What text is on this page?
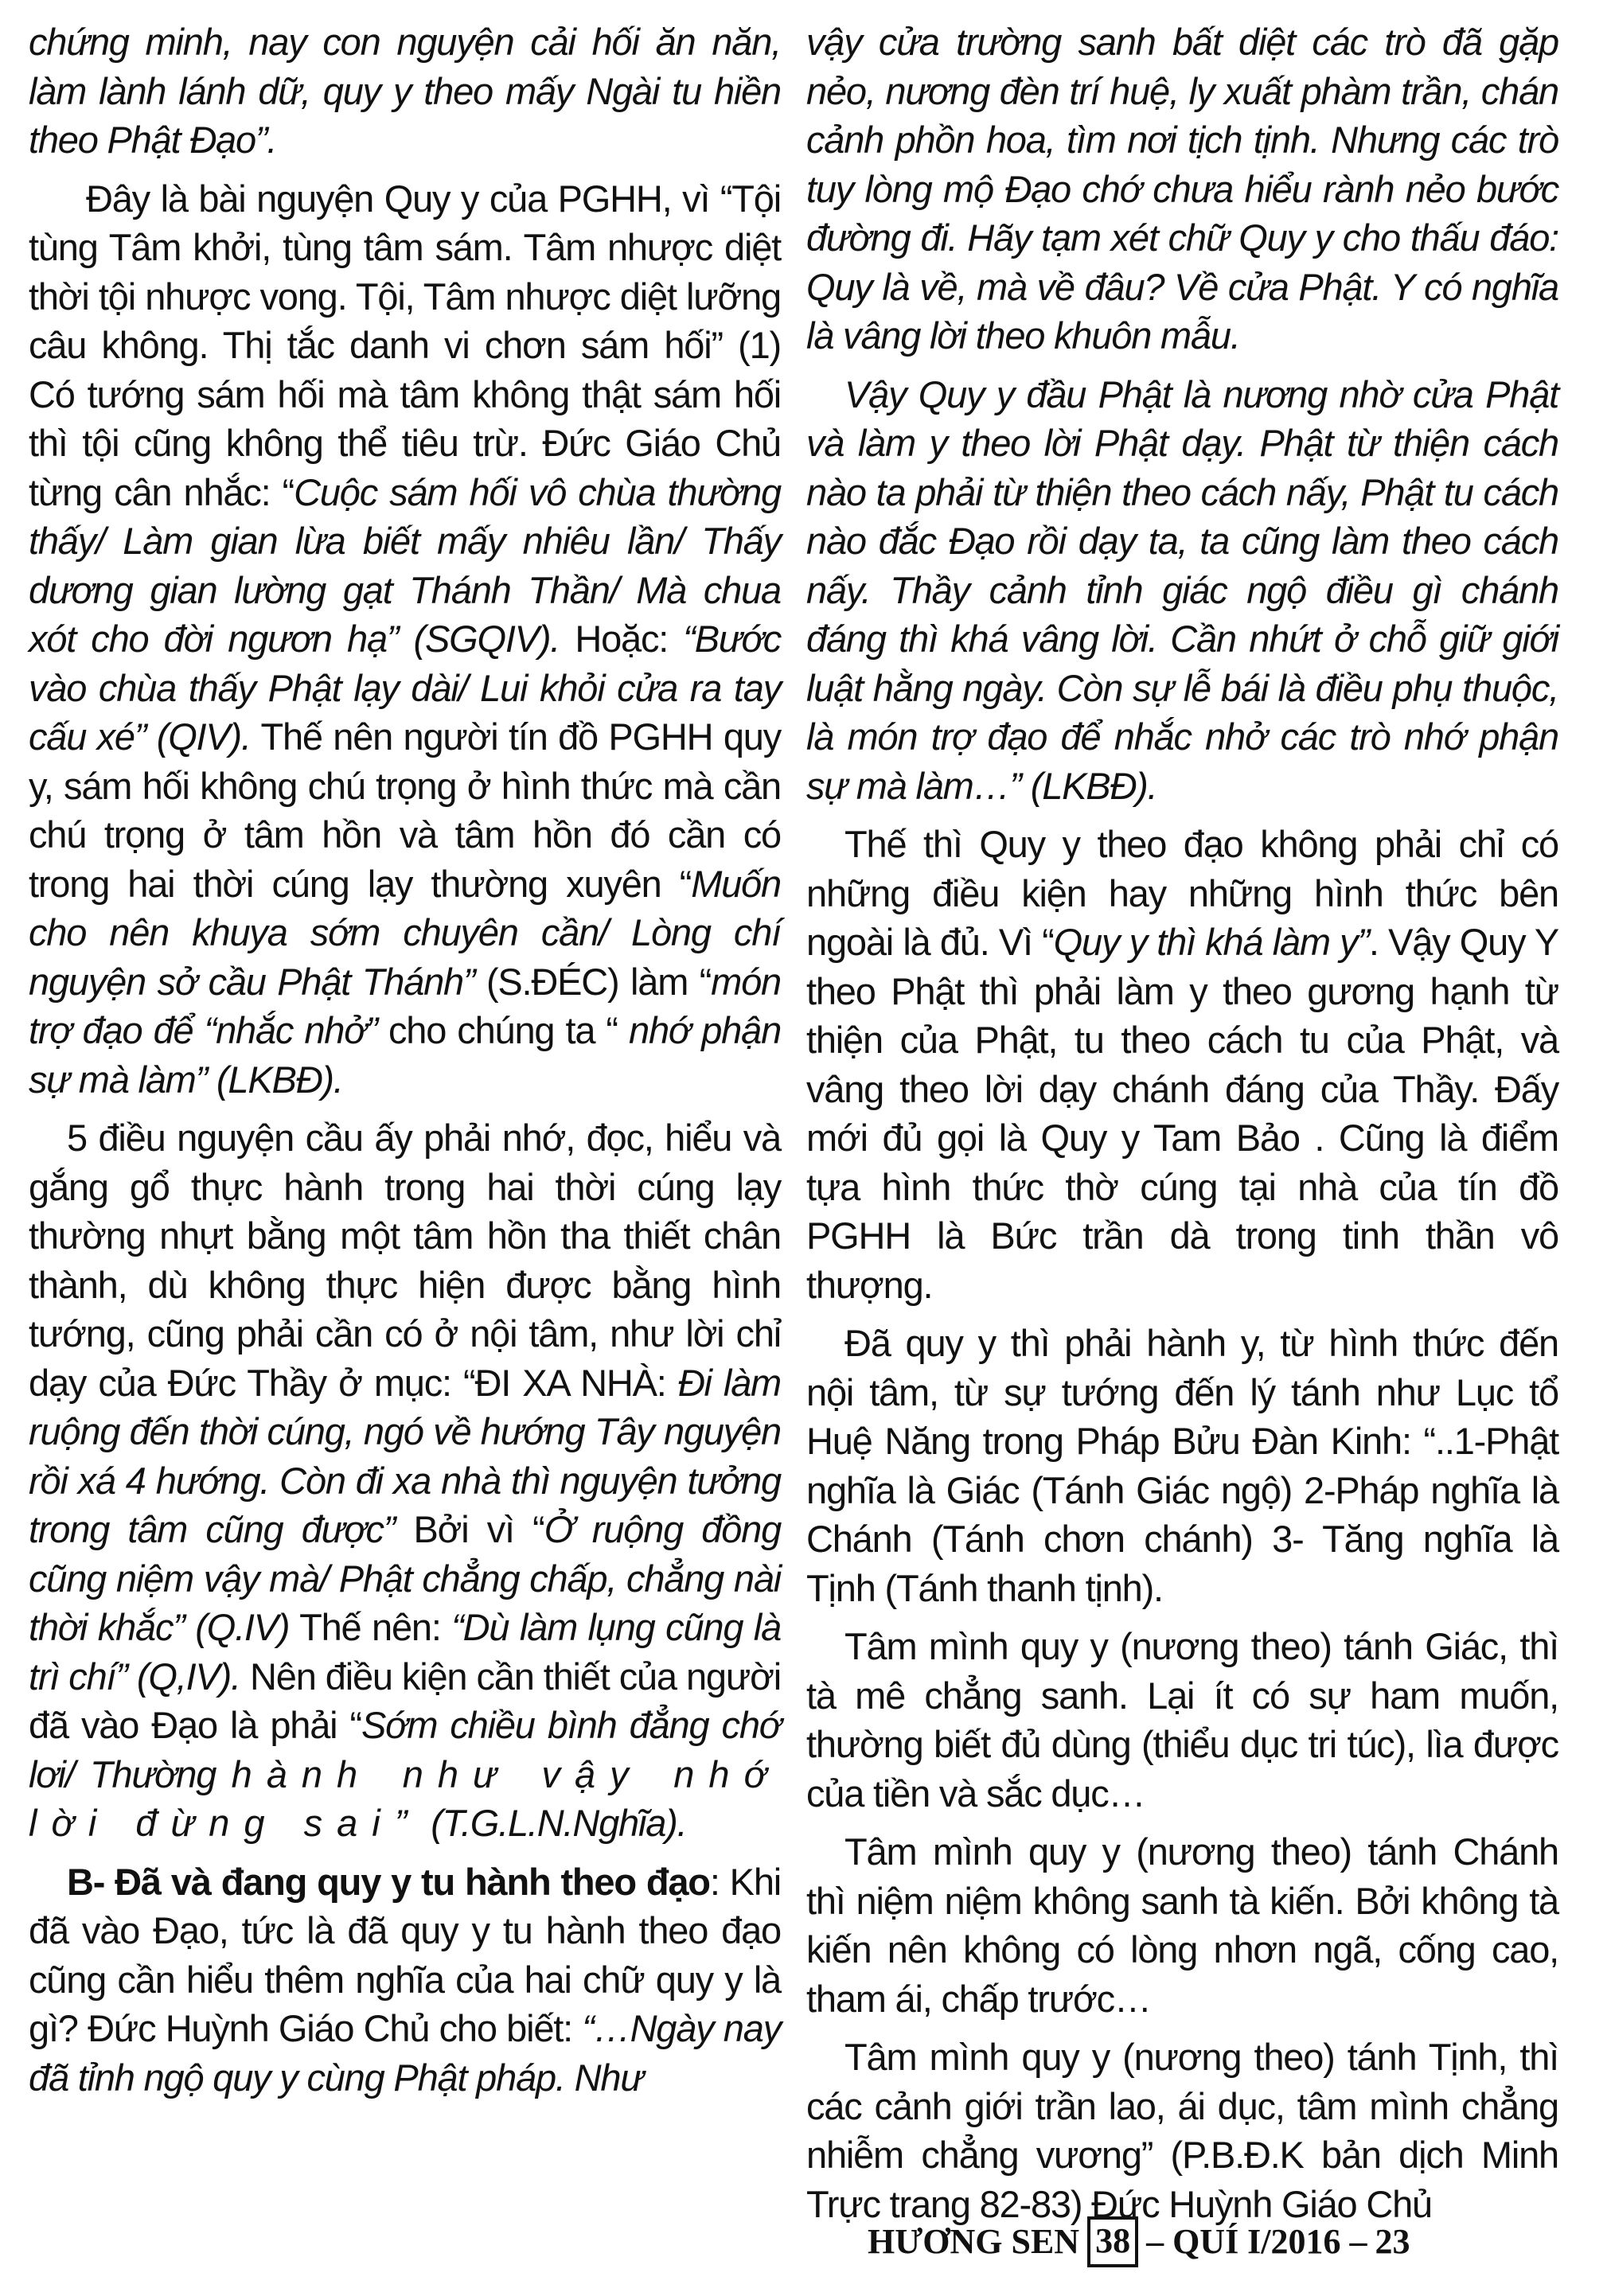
chứng minh, nay con nguyện cải hối ăn năn, làm lành lánh dữ, quy y theo mấy Ngài tu hiền theo Phật Đạo”.

Đây là bài nguyện Quy y của PGHH, vì “Tội tùng Tâm khởi, tùng tâm sám. Tâm nhược diệt thời tội nhược vong. Tội, Tâm nhược diệt lưỡng câu không. Thị tắc danh vi chơn sám hối” (1) Có tướng sám hối mà tâm không thật sám hối thì tội cũng không thể tiêu trừ. Đức Giáo Chủ từng cân nhắc: “Cuộc sám hối vô chùa thường thấy/ Làm gian lừa biết mấy nhiêu lần/ Thấy dương gian lường gạt Thánh Thần/ Mà chua xót cho đời ngươn hạ” (SGQIV). Hoặc: “Bước vào chùa thấy Phật lạy dài/ Lui khỏi cửa ra tay cấu xé” (QIV). Thế nên người tín đồ PGHH quy y, sám hối không chú trọng ở hình thức mà cần chú trọng ở tâm hồn và tâm hồn đó cần có trong hai thời cúng lạy thường xuyên “Muốn cho nên khuya sớm chuyên cần/ Lòng chí nguyện sở cầu Phật Thánh” (S.ĐÉC) làm “món trợ đạo để “nhắc nhở” cho chúng ta “ nhớ phận sự mà làm” (LKBĐ).

5 điều nguyện cầu ấy phải nhớ, đọc, hiểu và gắng gổ thực hành trong hai thời cúng lạy thường nhựt bằng một tâm hồn tha thiết chân thành, dù không thực hiện được bằng hình tướng, cũng phải cần có ở nội tâm, như lời chỉ dạy của Đức Thầy ở mục: “ĐI XA NHÀ: Đi làm ruộng đến thời cúng, ngó về hướng Tây nguyện rồi xá 4 hướng. Còn đi xa nhà thì nguyện tưởng trong tâm cũng được” Bởi vì “Ở ruộng đồng cũng niệm vậy mà/ Phật chẳng chấp, chẳng nài thời khắc” (Q.IV) Thế nên: “Dù làm lụng cũng là trì chí” (Q,IV). Nên điều kiện cần thiết của người đã vào Đạo là phải “Sớm chiều bình đẳng chớ lơi/ Thường hành như vậy nhớ lời đừng sai” (T.G.L.N.Nghĩa).

B- Đã và đang quy y tu hành theo đạo: Khi đã vào Đạo, tức là đã quy y tu hành theo đạo cũng cần hiểu thêm nghĩa của hai chữ quy y là gì? Đức Huỳnh Giáo Chủ cho biết: “…Ngày nay đã tỉnh ngộ quy y cùng Phật pháp. Như

vậy cửa trường sanh bất diệt các trò đã gặp nẻo, nương đèn trí huệ, ly xuất phàm trần, chán cảnh phồn hoa, tìm nơi tịch tịnh. Nhưng các trò tuy lòng mộ Đạo chớ chưa hiểu rành nẻo bước đường đi. Hãy tạm xét chữ Quy y cho thấu đáo: Quy là về, mà về đâu? Về cửa Phật. Y có nghĩa là vâng lời theo khuôn mẫu.

Vậy Quy y đầu Phật là nương nhờ cửa Phật và làm y theo lời Phật dạy. Phật từ thiện cách nào ta phải từ thiện theo cách nấy, Phật tu cách nào đắc Đạo rồi dạy ta, ta cũng làm theo cách nấy. Thầy cảnh tỉnh giác ngộ điều gì chánh đáng thì khá vâng lời. Cần nhứt ở chỗ giữ giới luật hằng ngày. Còn sự lễ bái là điều phụ thuộc, là món trợ đạo để nhắc nhở các trò nhớ phận sự mà làm…” (LKBĐ).

Thế thì Quy y theo đạo không phải chỉ có những điều kiện hay những hình thức bên ngoài là đủ. Vì “Quy y thì khá làm y”. Vậy Quy Y theo Phật thì phải làm y theo gương hạnh từ thiện của Phật, tu theo cách tu của Phật, và vâng theo lời dạy chánh đáng của Thầy. Đấy mới đủ gọi là Quy y Tam Bảo . Cũng là điểm tựa hình thức thờ cúng tại nhà của tín đồ PGHH là Bức trần dà trong tinh thần vô thượng.

Đã quy y thì phải hành y, từ hình thức đến nội tâm, từ sự tướng đến lý tánh như Lục tổ Huệ Năng trong Pháp Bửu Đàn Kinh: “..1-Phật nghĩa là Giác (Tánh Giác ngộ) 2-Pháp nghĩa là Chánh (Tánh chơn chánh) 3- Tăng nghĩa là Tịnh (Tánh thanh tịnh).

Tâm mình quy y (nương theo) tánh Giác, thì tà mê chẳng sanh. Lại ít có sự ham muốn, thường biết đủ dùng (thiểu dục tri túc), lìa được của tiền và sắc dục…

Tâm mình quy y (nương theo) tánh Chánh thì niệm niệm không sanh tà kiến. Bởi không tà kiến nên không có lòng nhơn ngã, cống cao, tham ái, chấp trước…

Tâm mình quy y (nương theo) tánh Tịnh, thì các cảnh giới trần lao, ái dục, tâm mình chẳng nhiễm chẳng vương” (P.B.Đ.K bản dịch Minh Trực trang 82-83) Đức Huỳnh Giáo Chủ

HƯƠNG SEN 38 – QUÍ I/2016 – 23
